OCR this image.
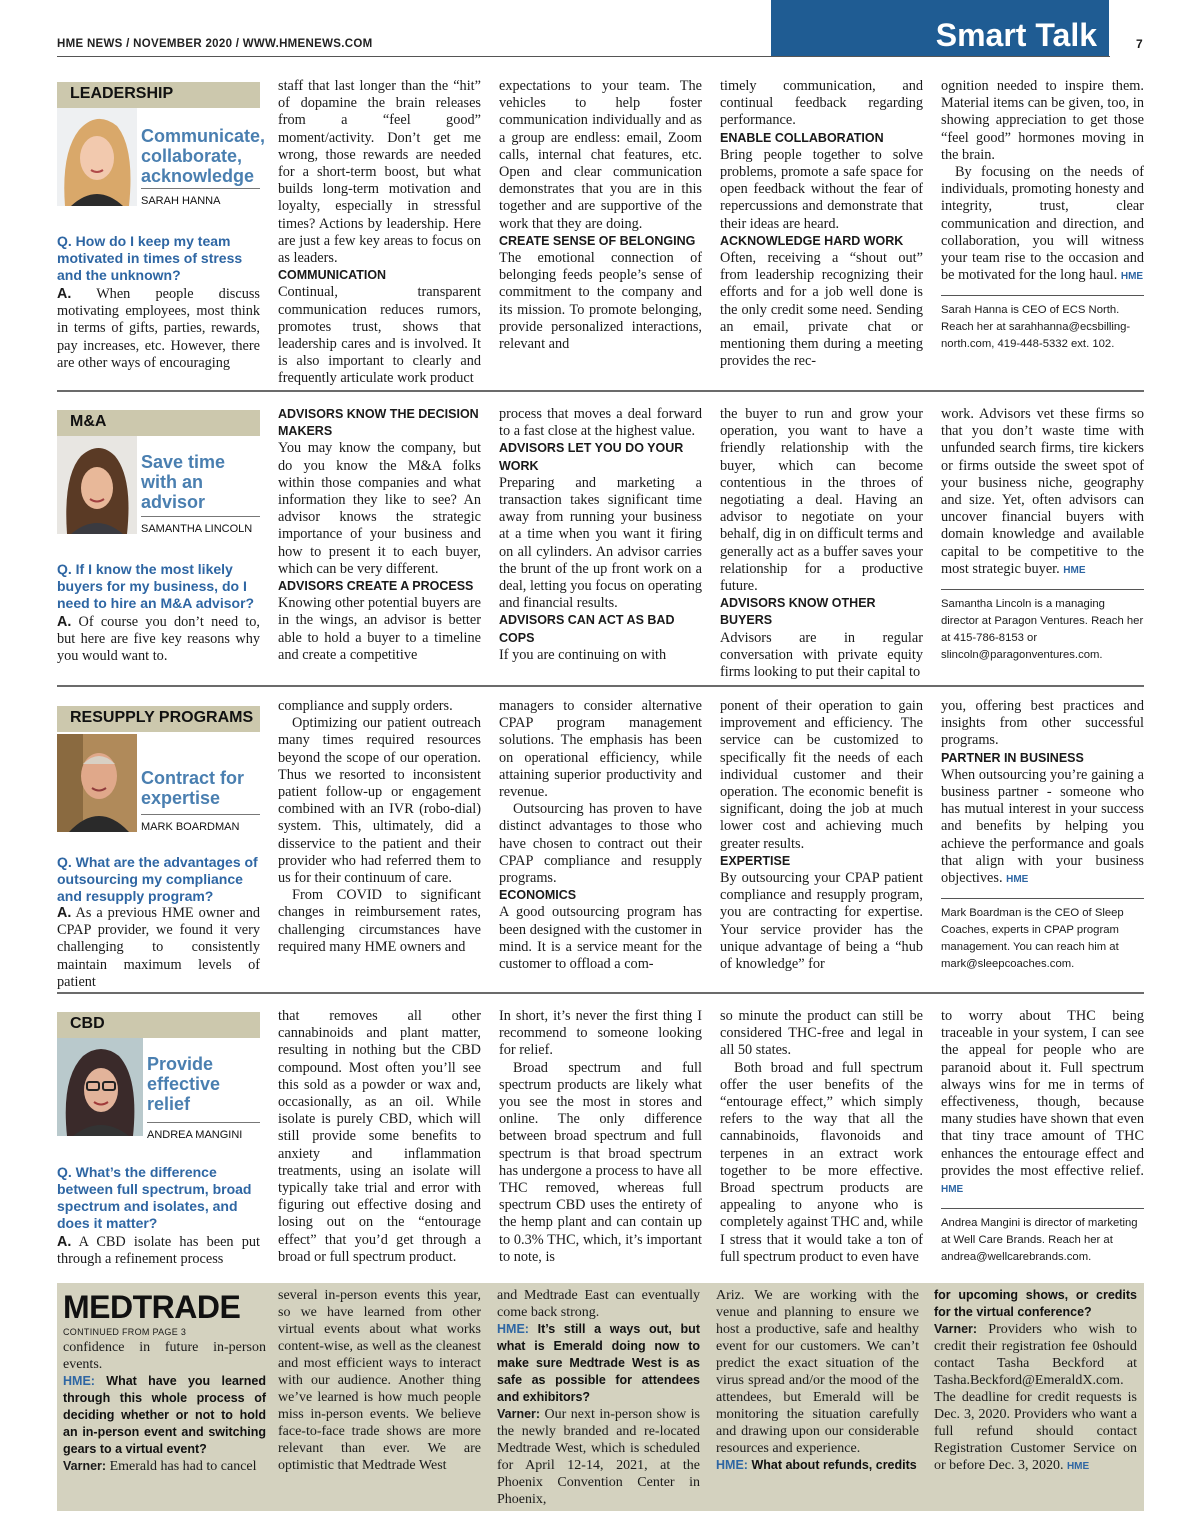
HME NEWS / NOVEMBER 2020 / WWW.HMENEWS.COM	Smart Talk	7
LEADERSHIP
Communicate, collaborate, acknowledge
SARAH HANNA
Q. How do I keep my team motivated in times of stress and the unknown?
A. When people discuss motivating employees, most think in terms of gifts, parties, rewards, pay increases, etc. However, there are other ways of encouraging

staff that last longer than the “hit” of dopamine the brain releases from a “feel good” moment/activity. Don’t get me wrong, those rewards are needed for a short-term boost, but what builds long-term motivation and loyalty, especially in stressful times? Actions by leadership. Here are just a few key areas to focus on as leaders.

COMMUNICATION

Continual, transparent communication reduces rumors, promotes trust, shows that leadership cares and is involved. It is also important to clearly and frequently articulate work product

expectations to your team. The vehicles to help foster communication individually and as a group are endless: email, Zoom calls, internal chat features, etc. Open and clear communication demonstrates that you are in this together and are supportive of the work that they are doing.

CREATE SENSE OF BELONGING

The emotional connection of belonging feeds people’s sense of commitment to the company and its mission. To promote belonging, provide personalized interactions, relevant and

timely communication, and continual feedback regarding performance.

ENABLE COLLABORATION

Bring people together to solve problems, promote a safe space for open feedback without the fear of repercussions and demonstrate that their ideas are heard.

ACKNOWLEDGE HARD WORK

Often, receiving a “shout out” from leadership recognizing their efforts and for a job well done is the only credit some need. Sending an email, private chat or mentioning them during a meeting provides the rec-

ognition needed to inspire them. Material items can be given, too, in showing appreciation to get those “feel good” hormones moving in the brain.

By focusing on the needs of individuals, promoting honesty and integrity, trust, clear communication and direction, and collaboration, you will witness your team rise to the occasion and be motivated for the long haul. HME

Sarah Hanna is CEO of ECS North. Reach her at sarahhanna@ecsbilling-north.com, 419-448-5332 ext. 102.
M&A
Save time with an advisor
SAMANTHA LINCOLN
Q. If I know the most likely buyers for my business, do I need to hire an M&A advisor?
A. Of course you don’t need to, but here are five key reasons why you would want to.
ADVISORS KNOW THE DECISION MAKERS

You may know the company, but do you know the M&A folks within those companies and what information they like to see? An advisor knows the strategic importance of your business and how to present it to each buyer, which can be very different.

ADVISORS CREATE A PROCESS

Knowing other potential buyers are in the wings, an advisor is better able to hold a buyer to a timeline and create a competitive

process that moves a deal forward to a fast close at the highest value.

ADVISORS LET YOU DO YOUR WORK

Preparing and marketing a transaction takes significant time away from running your business at a time when you want it firing on all cylinders. An advisor carries the brunt of the up front work on a deal, letting you focus on operating and financial results.

ADVISORS CAN ACT AS BAD COPS

If you are continuing on with

the buyer to run and grow your operation, you want to have a friendly relationship with the buyer, which can become contentious in the throes of negotiating a deal. Having an advisor to negotiate on your behalf, dig in on difficult terms and generally act as a buffer saves your relationship for a productive future.

ADVISORS KNOW OTHER BUYERS

Advisors are in regular conversation with private equity firms looking to put their capital to

work. Advisors vet these firms so that you don’t waste time with unfunded search firms, tire kickers or firms outside the sweet spot of your business niche, geography and size. Yet, often advisors can uncover financial buyers with domain knowledge and available capital to be competitive to the most strategic buyer. HME

Samantha Lincoln is a managing director at Paragon Ventures. Reach her at 415-786-8153 or slincoln@paragonventures.com.
RESUPPLY PROGRAMS
Contract for expertise
MARK BOARDMAN
Q. What are the advantages of outsourcing my compliance and resupply program?
A. As a previous HME owner and CPAP provider, we found it very challenging to consistently maintain maximum levels of patient

compliance and supply orders.

Optimizing our patient outreach many times required resources beyond the scope of our operation. Thus we resorted to inconsistent patient follow-up or engagement combined with an IVR (robo-dial) system. This, ultimately, did a disservice to the patient and their provider who had referred them to us for their continuum of care.

From COVID to significant changes in reimbursement rates, challenging circumstances have required many HME owners and

managers to consider alternative CPAP program management solutions. The emphasis has been on operational efficiency, while attaining superior productivity and revenue.

Outsourcing has proven to have distinct advantages to those who have chosen to contract out their CPAP compliance and resupply programs.

ECONOMICS

A good outsourcing program has been designed with the customer in mind. It is a service meant for the customer to offload a com-

ponent of their operation to gain improvement and efficiency. The service can be customized to specifically fit the needs of each individual customer and their operation. The economic benefit is significant, doing the job at much lower cost and achieving much greater results.

EXPERTISE

By outsourcing your CPAP patient compliance and resupply program, you are contracting for expertise. Your service provider has the unique advantage of being a “hub of knowledge” for

you, offering best practices and insights from other successful programs.

PARTNER IN BUSINESS

When outsourcing you’re gaining a business partner - someone who has mutual interest in your success and benefits by helping you achieve the performance and goals that align with your business objectives. HME

Mark Boardman is the CEO of Sleep Coaches, experts in CPAP program management. You can reach him at mark@sleepcoaches.com.
CBD
Provide effective relief
ANDREA MANGINI
Q. What’s the difference between full spectrum, broad spectrum and isolates, and does it matter?
A. A CBD isolate has been put through a refinement process

that removes all other cannabinoids and plant matter, resulting in nothing but the CBD compound. Most often you’ll see this sold as a powder or wax and, occasionally, as an oil. While isolate is purely CBD, which will still provide some benefits to anxiety and inflammation treatments, using an isolate will typically take trial and error with figuring out effective dosing and losing out on the “entourage effect” that you’d get through a broad or full spectrum product.

In short, it’s never the first thing I recommend to someone looking for relief.

Broad spectrum and full spectrum products are likely what you see the most in stores and online. The only difference between broad spectrum and full spectrum is that broad spectrum has undergone a process to have all THC removed, whereas full spectrum CBD uses the entirety of the hemp plant and can contain up to 0.3% THC, which, it’s important to note, is

so minute the product can still be considered THC-free and legal in all 50 states.

Both broad and full spectrum offer the user benefits of the “entourage effect,” which simply refers to the way that all the cannabinoids, flavonoids and terpenes in an extract work together to be more effective. Broad spectrum products are appealing to anyone who is completely against THC and, while I stress that it would take a ton of full spectrum product to even have

to worry about THC being traceable in your system, I can see the appeal for people who are paranoid about it. Full spectrum always wins for me in terms of effectiveness, though, because many studies have shown that even that tiny trace amount of THC enhances the entourage effect and provides the most effective relief. HME

Andrea Mangini is director of marketing at Well Care Brands. Reach her at andrea@wellcarebrands.com.
MEDTRADE
CONTINUED FROM PAGE 3

confidence in future in-person events.

HME: What have you learned through this whole process of deciding whether or not to hold an in-person event and switching gears to a virtual event?

Varner: Emerald has had to cancel

several in-person events this year, so we have learned from other virtual events about what works content-wise, as well as the cleanest and most efficient ways to interact with our audience. Another thing we’ve learned is how much people miss in-person events. We believe face-to-face trade shows are more relevant than ever. We are optimistic that Medtrade West

and Medtrade East can eventually come back strong.

HME: It’s still a ways out, but what is Emerald doing now to make sure Medtrade West is as safe as possible for attendees and exhibitors?

Varner: Our next in-person show is the newly branded and re-located Medtrade West, which is scheduled for April 12-14, 2021, at the Phoenix Convention Center in Phoenix,

Ariz. We are working with the venue and planning to ensure we host a productive, safe and healthy event for our customers. We can’t predict the exact situation of the virus spread and/or the mood of the attendees, but Emerald will be monitoring the situation carefully and drawing upon our considerable resources and experience.

HME: What about refunds, credits

for upcoming shows, or credits for the virtual conference?

Varner: Providers who wish to credit their registration fee 0should contact Tasha Beckford at Tasha.Beckford@EmeraldX.com. The deadline for credit requests is Dec. 3, 2020. Providers who want a full refund should contact Registration Customer Service on or before Dec. 3, 2020. HME
